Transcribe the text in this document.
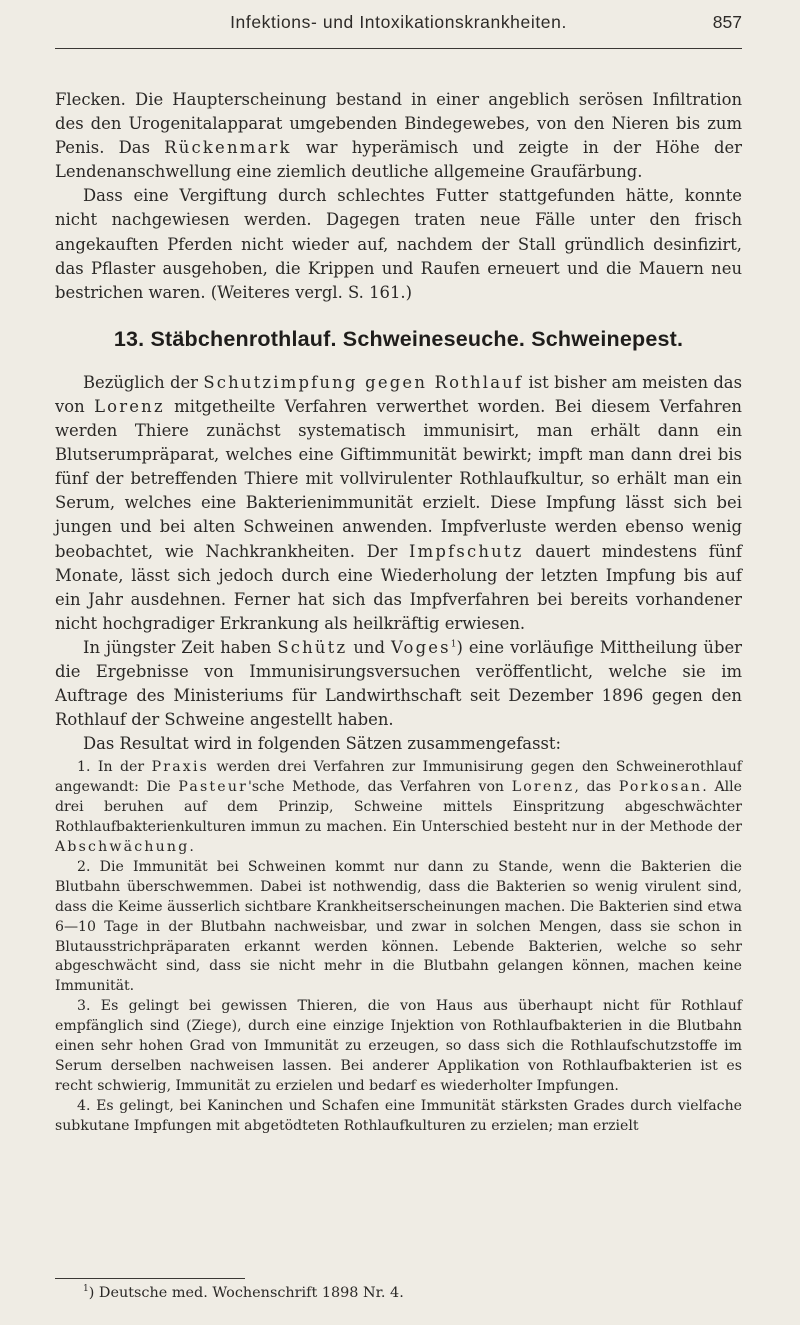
Infektions- und Intoxikationskrankheiten.	857

Flecken. Die Haupterscheinung bestand in einer angeblich serösen Infiltration des den Urogenitalapparat umgebenden Bindegewebes, von den Nieren bis zum Penis. Das Rückenmark war hyperämisch und zeigte in der Höhe der Lendenanschwellung eine ziemlich deutliche allgemeine Graufärbung.

Dass eine Vergiftung durch schlechtes Futter stattgefunden hätte, konnte nicht nachgewiesen werden. Dagegen traten neue Fälle unter den frisch angekauften Pferden nicht wieder auf, nachdem der Stall gründlich desinfizirt, das Pflaster ausgehoben, die Krippen und Raufen erneuert und die Mauern neu bestrichen waren. (Weiteres vergl. S. 161.)

13. Stäbchenrothlauf. Schweineseuche. Schweinepest.

Bezüglich der Schutzimpfung gegen Rothlauf ist bisher am meisten das von Lorenz mitgetheilte Verfahren verwerthet worden. Bei diesem Verfahren werden Thiere zunächst systematisch immunisirt, man erhält dann ein Blutserumpräparat, welches eine Giftimmunität bewirkt; impft man dann drei bis fünf der betreffenden Thiere mit vollvirulenter Rothlaufkultur, so erhält man ein Serum, welches eine Bakterienimmunität erzielt. Diese Impfung lässt sich bei jungen und bei alten Schweinen anwenden. Impfverluste werden ebenso wenig beobachtet, wie Nachkrankheiten. Der Impfschutz dauert mindestens fünf Monate, lässt sich jedoch durch eine Wiederholung der letzten Impfung bis auf ein Jahr ausdehnen. Ferner hat sich das Impfverfahren bei bereits vorhandener nicht hochgradiger Erkrankung als heilkräftig erwiesen.

In jüngster Zeit haben Schütz und Voges$^1$) eine vorläufige Mittheilung über die Ergebnisse von Immunisirungsversuchen veröffentlicht, welche sie im Auftrage des Ministeriums für Landwirthschaft seit Dezember 1896 gegen den Rothlauf der Schweine angestellt haben.

Das Resultat wird in folgenden Sätzen zusammengefasst:

1. In der Praxis werden drei Verfahren zur Immunisirung gegen den Schweinerothlauf angewandt: Die Pasteur'sche Methode, das Verfahren von Lorenz, das Porkosan. Alle drei beruhen auf dem Prinzip, Schweine mittels Einspritzung abgeschwächter Rothlaufbakterienkulturen immun zu machen. Ein Unterschied besteht nur in der Methode der Abschwächung.

2. Die Immunität bei Schweinen kommt nur dann zu Stande, wenn die Bakterien die Blutbahn überschwemmen. Dabei ist nothwendig, dass die Bakterien so wenig virulent sind, dass die Keime äusserlich sichtbare Krankheitserscheinungen machen. Die Bakterien sind etwa 6—10 Tage in der Blutbahn nachweisbar, und zwar in solchen Mengen, dass sie schon in Blutausstrichpräparaten erkannt werden können. Lebende Bakterien, welche so sehr abgeschwächt sind, dass sie nicht mehr in die Blutbahn gelangen können, machen keine Immunität.

3. Es gelingt bei gewissen Thieren, die von Haus aus überhaupt nicht für Rothlauf empfänglich sind (Ziege), durch eine einzige Injektion von Rothlaufbakterien in die Blutbahn einen sehr hohen Grad von Immunität zu erzeugen, so dass sich die Rothlaufschutzstoffe im Serum derselben nachweisen lassen. Bei anderer Applikation von Rothlaufbakterien ist es recht schwierig, Immunität zu erzielen und bedarf es wiederholter Impfungen.

4. Es gelingt, bei Kaninchen und Schafen eine Immunität stärksten Grades durch vielfache subkutane Impfungen mit abgetödteten Rothlaufkulturen zu erzielen; man erzielt

$^1$) Deutsche med. Wochenschrift 1898 Nr. 4.
